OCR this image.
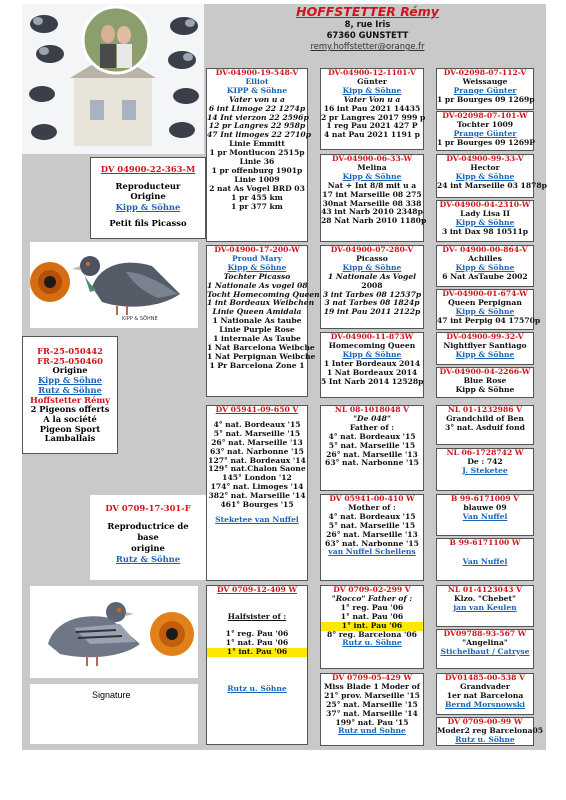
HOFFSTETTER Rémy
8, rue Iris
67360 GUNSTETT
remy.hoffstetter@orange.fr
DV 04900-22-363-M
Reproducteur
Origine
Kipp & Söhne
Petit fils Picasso
KIPP & SÖHNE
FR-25-050442
FR-25-050460
Origine
Kipp & Söhne
Rutz & Söhne
Hoffstetter Rémy
2 Pigeons offerts
A la société
Pigeon Sport
Lamballais
DV 0709-17-301-F
Reproductrice de
base
origine
Rutz & Söhne
Signature
DV-04900-19-548-V
Elliot
KIPP & Söhne
Vater von u a
6 int Limoge 22 1274p
14 Int vierzon 22 2596p
12 pr Langres 22 958p
47 Int limoges 22 2710p
Linie Emmitt
1 pr Montlucon 2515p
Linie 36
1 pr offenburg 1901p
Linie 1009
2 nat As Vogel BRD 03
1 pr 455 km
1 pr 377 km
DV-04900-17-200-W
Proud Mary
Kipp & Söhne
Tochter Picasso
1 Nationale As vogel 08
Tocht Homecoming Queen
1 int Bordeaux Weibchen
Linie Queen Amidala
1 Nationale As taube
Linie Purple Rose
1 internale As Taube
1 Nat Barcelona Weibche
1 Nat Perpignan Weibche
1 Pr Barcelona Zone 1
DV 05941-09-650 V
4° nat. Bordeaux '15
5° nat. Marseille '15
26° nat. Marseille '13
63° nat. Narbonne '15
127° nat. Bordeaux '14
129° nat.Chalon Saone
145° London '12
174° nat. Limoges '14
382° nat. Marseille '14
461° Bourges '15
Steketee van Nuffel
DV 0709-12-409 W
Halfsister of :
1° reg. Pau '06
1° nat. Pau '06
1° int. Pau '06
Rutz u. Söhne
DV-04900-12-1101-V
Günter
Kipp & Söhne
Vater Von u a
16 int Pau 2021 14435
2 pr Langres 2017 999 p
1 reg Pau 2021 427 P
4 nat Pau 2021 1191 p
DV-04900-06-33-W
Melina
Kipp & Söhne
Nat + Int 8/8 mit u a
17 int Marseille 08 275
30nat Marseille 08 338
43 int Narb 2010 2348p
28 Nat Narb 2010 1180p
DV-04900-07-280-V
Picasso
Kipp & Söhne
1 Nationale As Vogel
2008
3 int Tarbes 08 12537p
3 nat Tarbes 08 1824p
19 int Pau 2011 2122p
DV-04900-11-873W
Homecoming Queen
Kipp & Söhne
1 Inter Bordeaux 2014
1 Nat Bordeaux 2014
5 Int Narb 2014 12528p
NL 08-1018048 V
"De 048"
Father of :
4° nat. Bordeaux '15
5° nat. Marseille '15
26° nat. Marseille '13
63° nat. Narbonne '15
DV 05941-00-410 W
Mother of :
4° nat. Bordeaux '15
5° nat. Marseille '15
26° nat. Marseille '13
63° nat. Narbonne '15
van Nuffel Schellens
DV 0709-02-299 V
"Rocco" Father of :
1° reg. Pau '06
1° nat. Pau '06
1° int. Pau '06
8° reg. Barcelona '06
Rutz u. Söhne
DV 0709-05-429 W
Miss Blade 1 Moder of
21° prov. Marseille '15
25° nat. Marseille '15
37° nat. Marseille '14
199° nat. Pau '15
Rutz und Sohne
DV-02098-07-112-V
Weissauge
Prange Günter
1 pr Bourges 09 1269p
DV-02098-07-101-W
Tochter 1009
Prange Günter
1 pr Bourges 09 1269P
DV-04900-99-33-V
Hector
Kipp & Söhne
24 int Marseille 03 1878p
DV-04900-04-2310-W
Lady Lisa II
Kipp & Söhne
3 int Dax 98 10511p
DV- 04900-00-864-V
Achilles
Kipp & Söhne
6 Nat AsTaube 2002
DV-04900-01-674-W
Queen Perpignan
Kipp & Söhne
47 int Perpig 04 17570p
DV-04900-99-32-V
Nightflyer Santiago
Kipp & Söhne
DV-04900-04-2266-W
Blue Rose
Kipp & Söhne
NL 01-1232986 V
Grandchild of Ben
3° nat. Asduif fond
NL 06-1728742 W
De : 742
J. Steketee
B 99-6171009 V
blauwe 09
Van Nuffel
B 99-6171100 W
Van Nuffel
NL 01-4123043 V
Klzo. "Chebet"
jan van Keulen
DV09788-93-567 W
"Angelina"
Stichelbaut / Catryse
DV01485-00-538 V
Grandvader
1er nat Barcelona
Bernd Morsnowski
DV 0709-00-99 W
Moder2 reg Barcelona05
Rutz u. Söhne
